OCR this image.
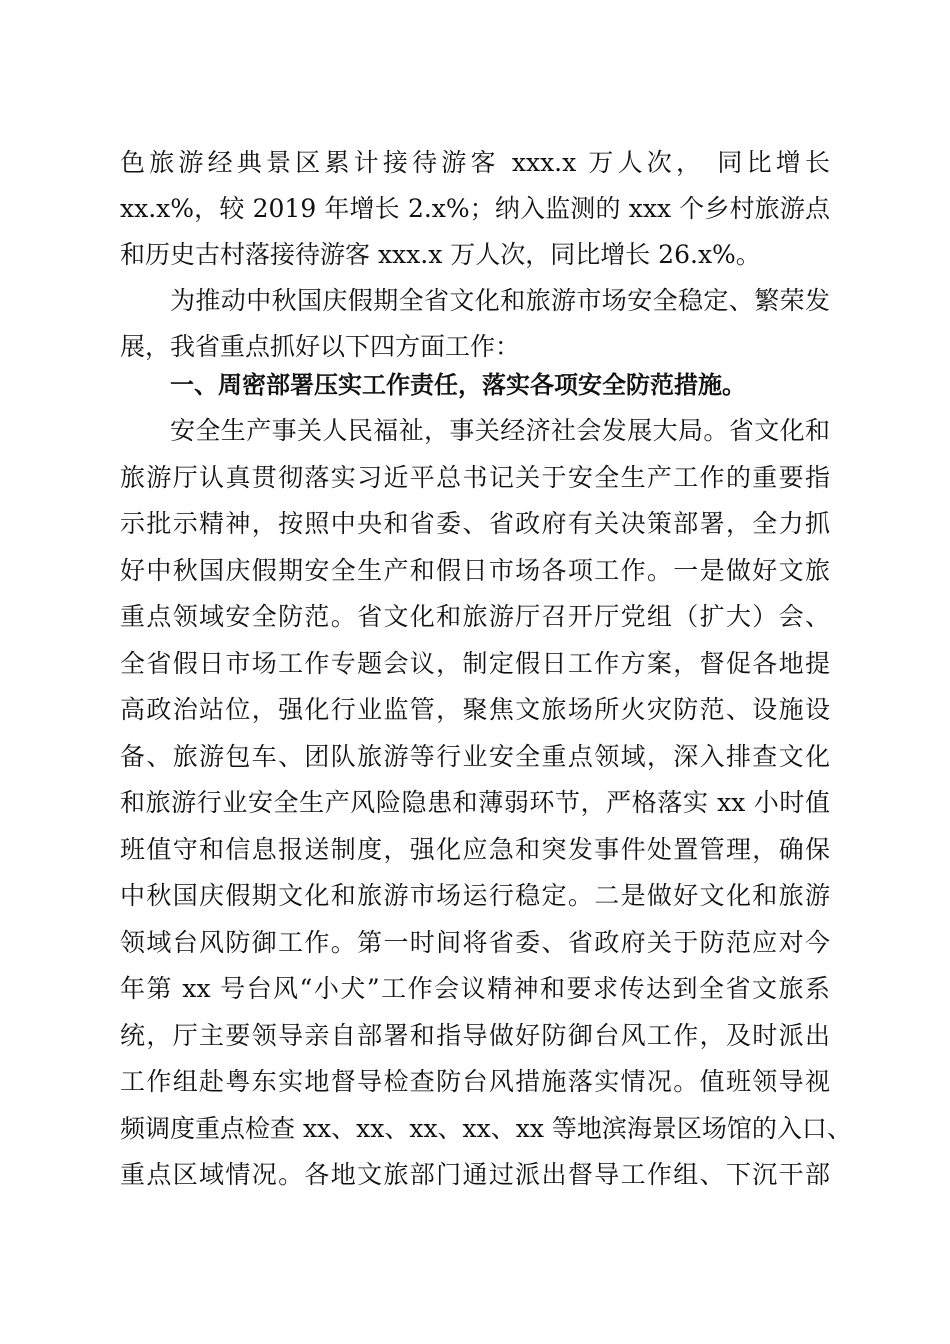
色旅游经典景区累计接待游客 xxx.x 万人次， 同比增长
xx.x%，较 2019 年增长 2.x%；纳入监测的 xxx 个乡村旅游点
和历史古村落接待游客 xxx.x 万人次，同比增长 26.x%。
为推动中秋国庆假期全省文化和旅游市场安全稳定、繁荣发
展，我省重点抓好以下四方面工作：
一、周密部署压实工作责任，落实各项安全防范措施。
安全生产事关人民福祉，事关经济社会发展大局。省文化和
旅游厅认真贯彻落实习近平总书记关于安全生产工作的重要指
示批示精神，按照中央和省委、省政府有关决策部署，全力抓
好中秋国庆假期安全生产和假日市场各项工作。一是做好文旅
重点领域安全防范。省文化和旅游厅召开厅党组（扩大）会、
全省假日市场工作专题会议，制定假日工作方案，督促各地提
高政治站位，强化行业监管，聚焦文旅场所火灾防范、设施设
备、旅游包车、团队旅游等行业安全重点领域，深入排查文化
和旅游行业安全生产风险隐患和薄弱环节，严格落实 xx 小时值
班值守和信息报送制度，强化应急和突发事件处置管理，确保
中秋国庆假期文化和旅游市场运行稳定。二是做好文化和旅游
领域台风防御工作。第一时间将省委、省政府关于防范应对今
年第 xx 号台风“小犬”工作会议精神和要求传达到全省文旅系
统，厅主要领导亲自部署和指导做好防御台风工作，及时派出
工作组赴粤东实地督导检查防台风措施落实情况。值班领导视
频调度重点检查 xx、xx、xx、xx、xx 等地滨海景区场馆的入口、
重点区域情况。各地文旅部门通过派出督导工作组、下沉干部
